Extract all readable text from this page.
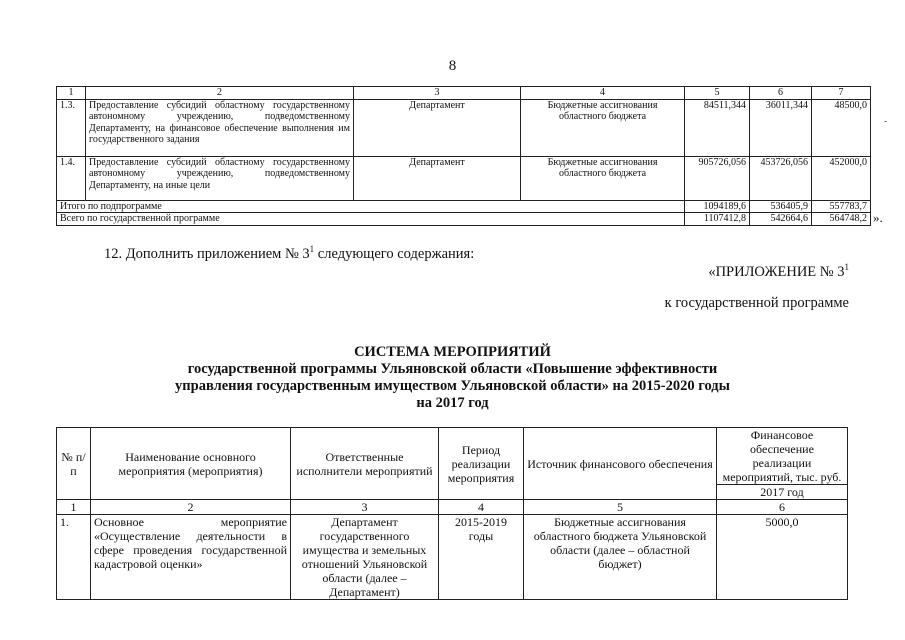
8
1	2	3	4	5	6	7
1.3.	Предоставление субсидий областному государственному автономному учреждению, подведомственному Департаменту, на финансовое обеспечение выполнения им государственного задания	Департамент	Бюджетные ассигнования областного бюджета	84511,344	36011,344	48500,0
1.4.	Предоставление субсидий областному государственному автономному учреждению, подведомственному Департаменту, на иные цели	Департамент	Бюджетные ассигнования областного бюджета	905726,056	453726,056	452000,0
Итого по подпрограмме				1094189,6	536405,9	557783,7
Всего по государственной программе				1107412,8	542664,6	564748,2 ».
-
12. Дополнить приложением № $3^1$ следующего содержания:
«ПРИЛОЖЕНИЕ № $3^1$
к государственной программе
СИСТЕМА МЕРОПРИЯТИЙ
государственной программы Ульяновской области «Повышение эффективности
управления государственным имуществом Ульяновской области» на 2015-2020 годы
на 2017 год
№ п/п	Наименование основного мероприятия (мероприятия)	Ответственные исполнители мероприятий	Период реализации мероприятия	Источник финансового обеспечения	Финансовое обеспечение реализации мероприятий, тыс. руб.
					2017 год
1	2	3	4	5	6
1.	Основное мероприятие «Осуществление деятельности в сфере проведения государственной кадастровой оценки»	Департамент государственного имущества и земельных отношений Ульяновской области (далее – Департамент)	2015-2019 годы	Бюджетные ассигнования областного бюджета Ульяновской области (далее – областной бюджет)	5000,0
